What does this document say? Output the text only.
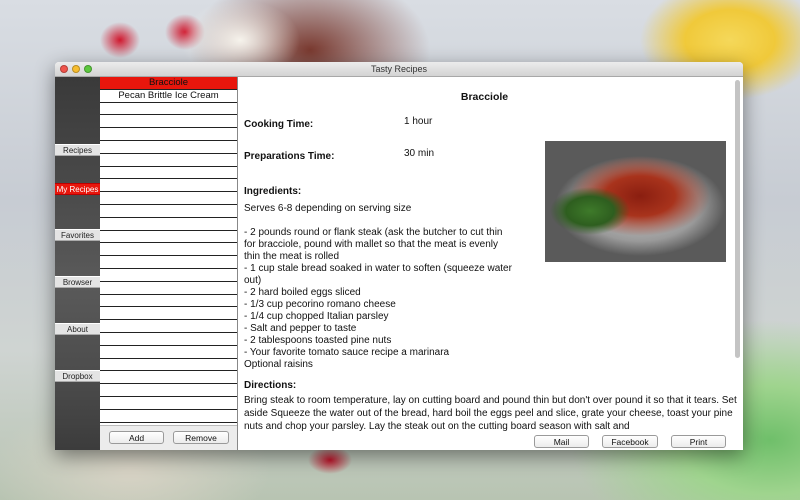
Tasty Recipes
Recipes
My Recipes
Favorites
Browser
About
Dropbox
Bracciole
Pecan Brittle Ice Cream
Add	Remove
Bracciole
Cooking Time:	1 hour
Preparations Time:	30 min
Ingredients:
Serves 6-8 depending on serving size

- 2 pounds round or flank steak (ask the butcher to cut thin for bracciole, pound with mallet so that the meat is evenly thin the meat is rolled
- 1 cup stale bread soaked in water to soften (squeeze water out)
- 2 hard boiled eggs sliced
- 1/3 cup pecorino romano cheese
- 1/4 cup chopped Italian parsley
- Salt and pepper to taste
- 2 tablespoons toasted pine nuts
- Your favorite tomato sauce recipe a marinara
Optional raisins
Directions:
Bring steak to room temperature, lay on cutting board and pound thin but don't over pound it so that it tears. Set aside Squeeze the water out of the bread, hard boil the eggs peel and slice, grate your cheese, toast your pine nuts and chop your parsley. Lay the steak out on the cutting board season with salt and
Mail	Facebook	Print
